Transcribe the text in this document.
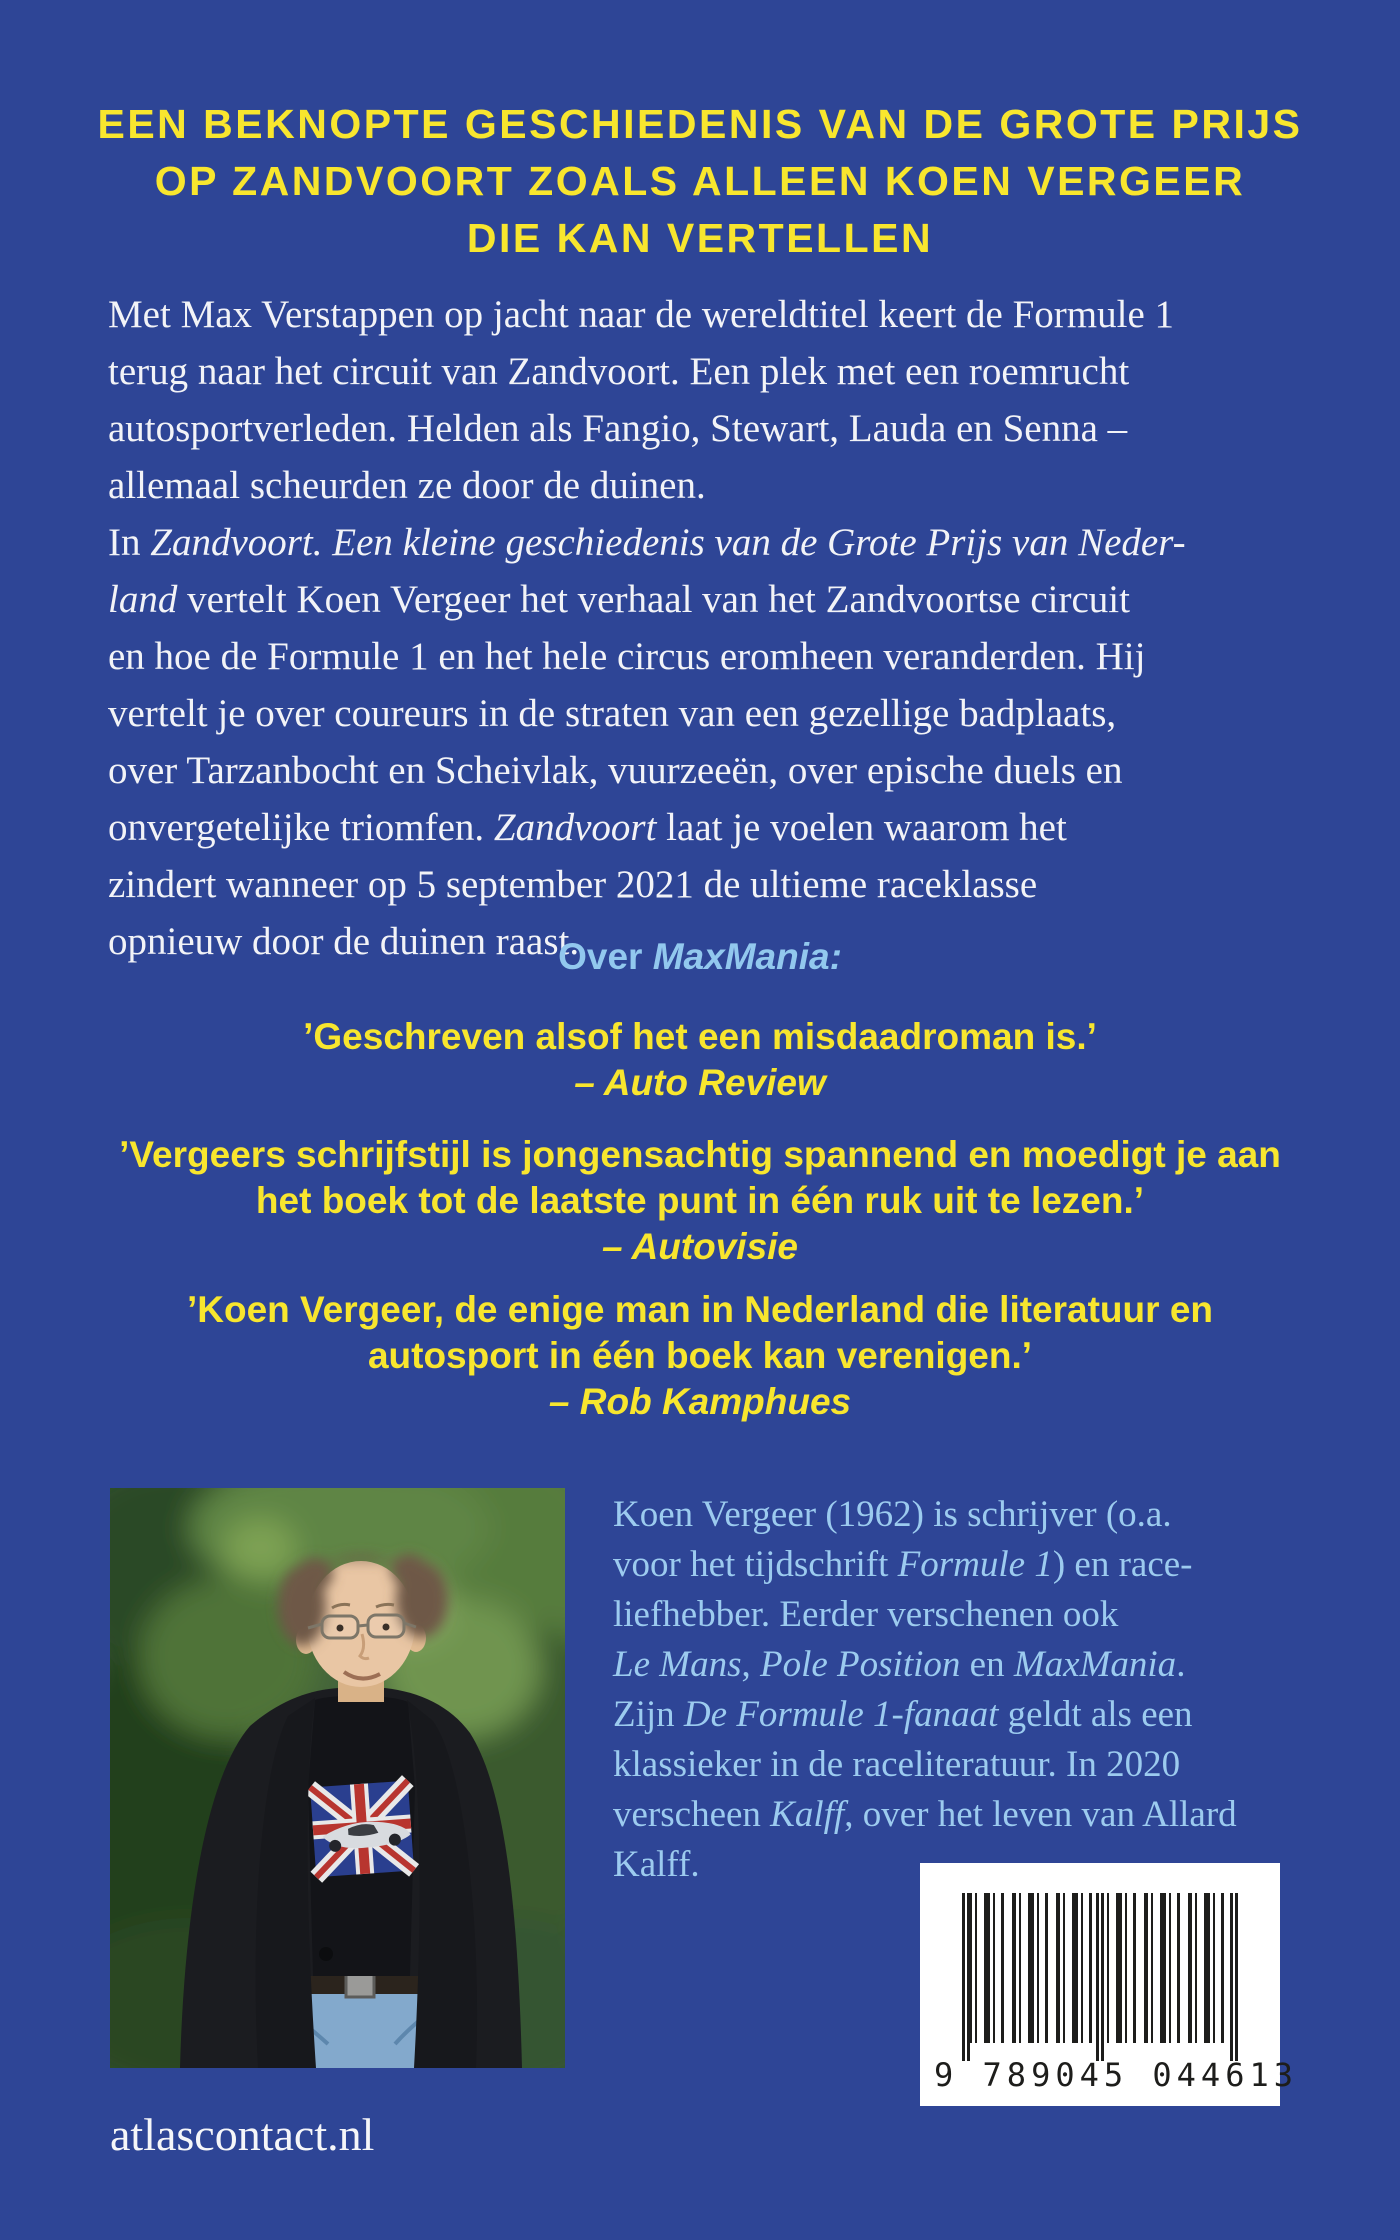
EEN BEKNOPTE GESCHIEDENIS VAN DE GROTE PRIJS
OP ZANDVOORT ZOALS ALLEEN KOEN VERGEER
DIE KAN VERTELLEN
Met Max Verstappen op jacht naar de wereldtitel keert de Formule 1
terug naar het circuit van Zandvoort. Een plek met een roemrucht
autosportverleden. Helden als Fangio, Stewart, Lauda en Senna –
allemaal scheurden ze door de duinen.
In Zandvoort. Een kleine geschiedenis van de Grote Prijs van Neder-
land vertelt Koen Vergeer het verhaal van het Zandvoortse circuit
en hoe de Formule 1 en het hele circus eromheen veranderden. Hij
vertelt je over coureurs in de straten van een gezellige badplaats,
over Tarzanbocht en Scheivlak, vuurzeeën, over epische duels en
onvergetelijke triomfen. Zandvoort laat je voelen waarom het
zindert wanneer op 5 september 2021 de ultieme raceklasse
opnieuw door de duinen raast.
Over MaxMania:
’Geschreven alsof het een misdaadroman is.’
– Auto Review
’Vergeers schrijfstijl is jongensachtig spannend en moedigt je aan
het boek tot de laatste punt in één ruk uit te lezen.’
– Autovisie
’Koen Vergeer, de enige man in Nederland die literatuur en
autosport in één boek kan verenigen.’
– Rob Kamphues
Koen Vergeer (1962) is schrijver (o.a.
voor het tijdschrift Formule 1) en race-
liefhebber. Eerder verschenen ook
Le Mans, Pole Position en MaxMania.
Zijn De Formule 1-fanaat geldt als een
klassieker in de raceliteratuur. In 2020
verscheen Kalff, over het leven van Allard
Kalff.
9 789045 044613
atlascontact.nl
